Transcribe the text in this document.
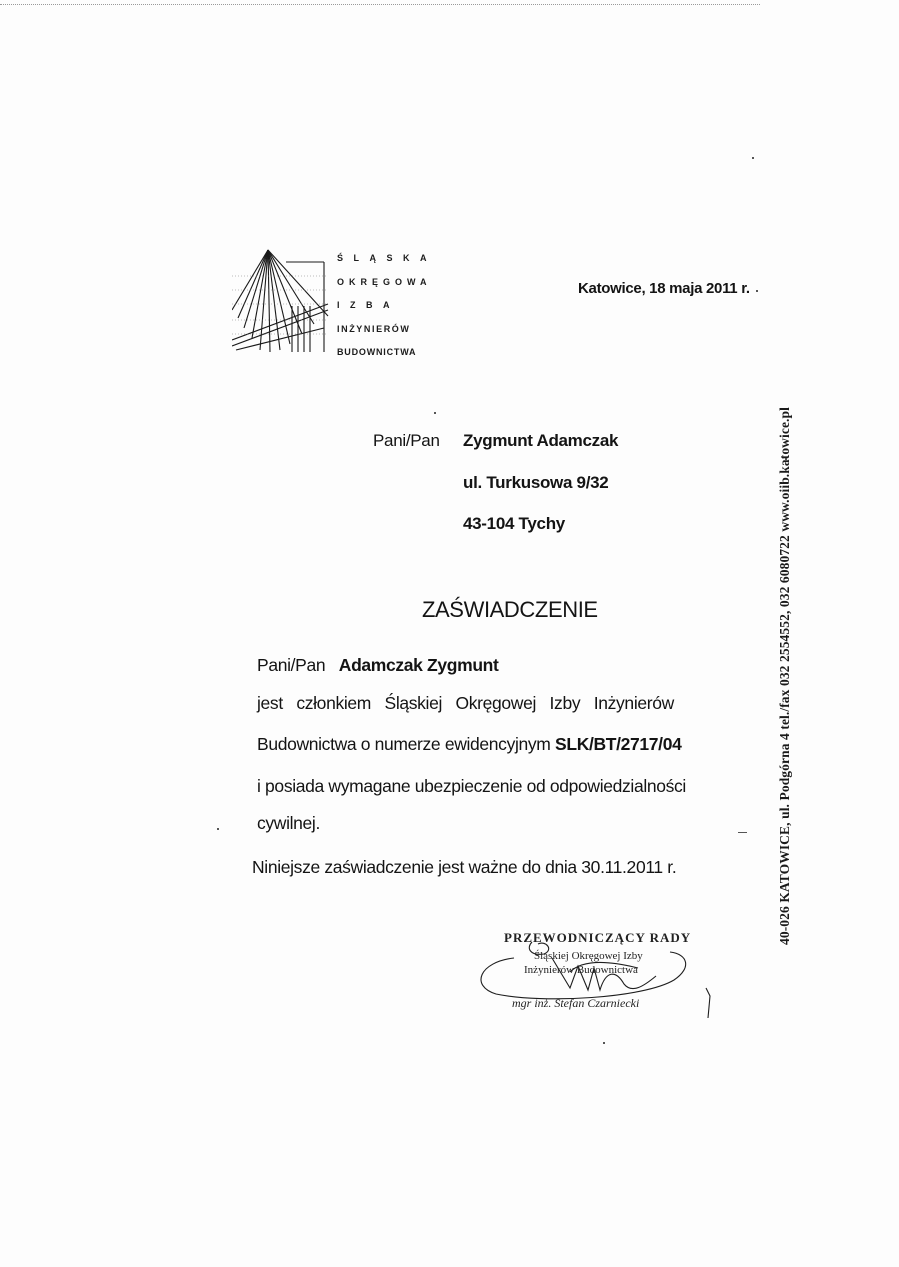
ŚLĄSKA
OKRĘGOWA
IZBA
INŻYNIERÓW
BUDOWNICTWA
Katowice, 18 maja 2011 r.
Pani/Pan Zygmunt Adamczak
ul. Turkusowa 9/32
43-104 Tychy
ZAŚWIADCZENIE
Pani/Pan Adamczak Zygmunt
jest członkiem Śląskiej Okręgowej Izby Inżynierów
Budownictwa o numerze ewidencyjnym SLK/BT/2717/04
i posiada wymagane ubezpieczenie od odpowiedzialności
cywilnej.
Niniejsze zaświadczenie jest ważne do dnia 30.11.2011 r.
PRZEWODNICZĄCY RADY
Śląskiej Okręgowej Izby
Inżynierów Budownictwa
mgr inż. Stefan Czarniecki
40-026 KATOWICE, ul. Podgórna 4 tel./fax 032 2554552, 032 6080722 www.oiib.katowice.pl
